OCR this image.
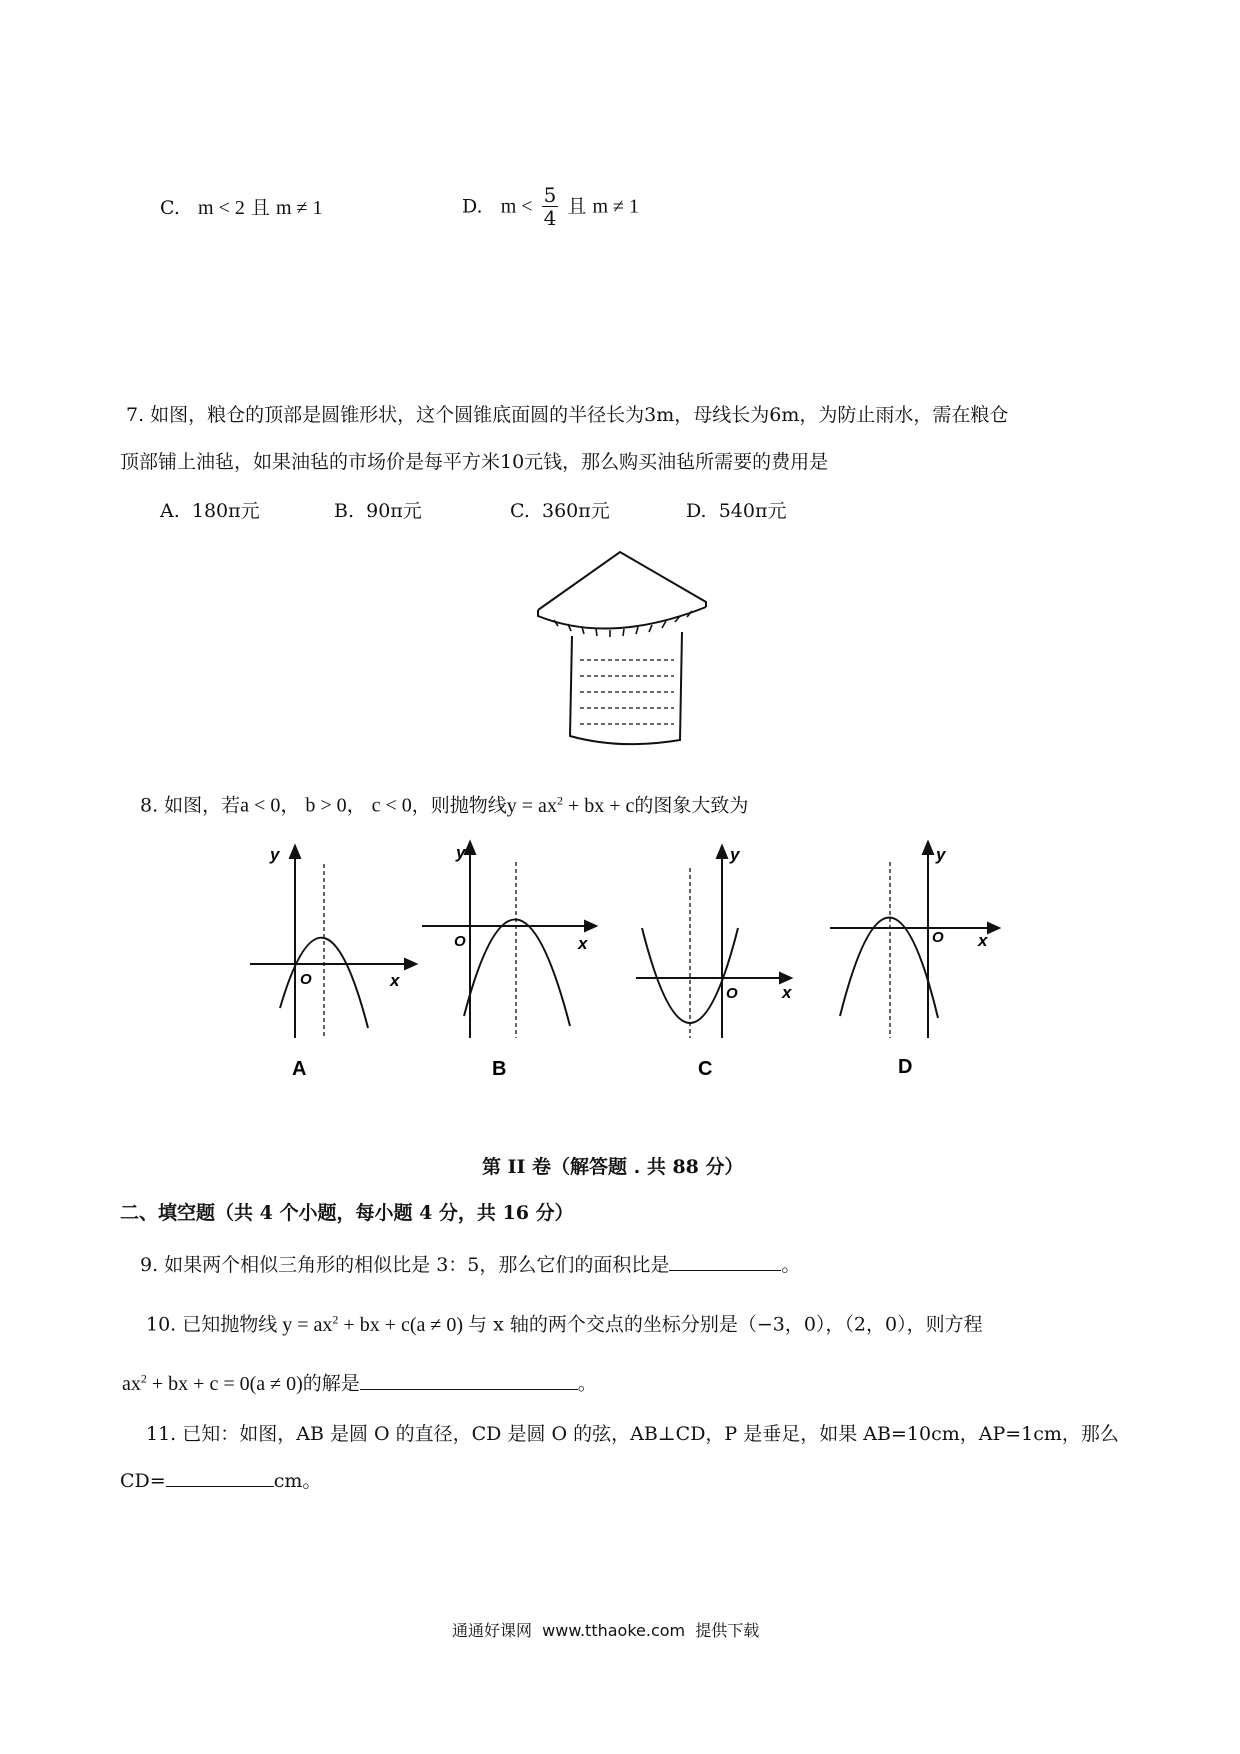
C. m < 2 且 m ≠ 1	D. $m < \frac{5}{4}$ 且 m ≠ 1
7. 如图，粮仓的顶部是圆锥形状，这个圆锥底面圆的半径长为3m，母线长为6m，为防止雨水，需在粮仓
顶部铺上油毡，如果油毡的市场价是每平方米10元钱，那么购买油毡所需要的费用是
A. 180π元	B. 90π元	C. 360π元	D. 540π元
8. 如图，若a < 0， b > 0， c < 0，则抛物线$y = ax^2$ + bx + c的图象大致为
y
O	x
A
y
O	x
B
y
O	x
C
y
O x
D
第 II 卷（解答题 . 共 88 分）
二、填空题（共 4 个小题，每小题 4 分，共 16 分）
9. 如果两个相似三角形的相似比是 3：5，那么它们的面积比是	。
10. 已知抛物线 $y = ax^2$ + bx + c(a ≠ 0) 与 x 轴的两个交点的坐标分别是（−3，0），（2，0），则方程
$ax^2$ + bx + c = 0(a ≠ 0)的解是	。
11. 已知：如图，AB 是圆 O 的直径，CD 是圆 O 的弦，AB⊥CD，P 是垂足，如果 AB=10cm，AP=1cm，那么
CD=	cm。
通通好课网  www.tthaoke.com  提供下载
